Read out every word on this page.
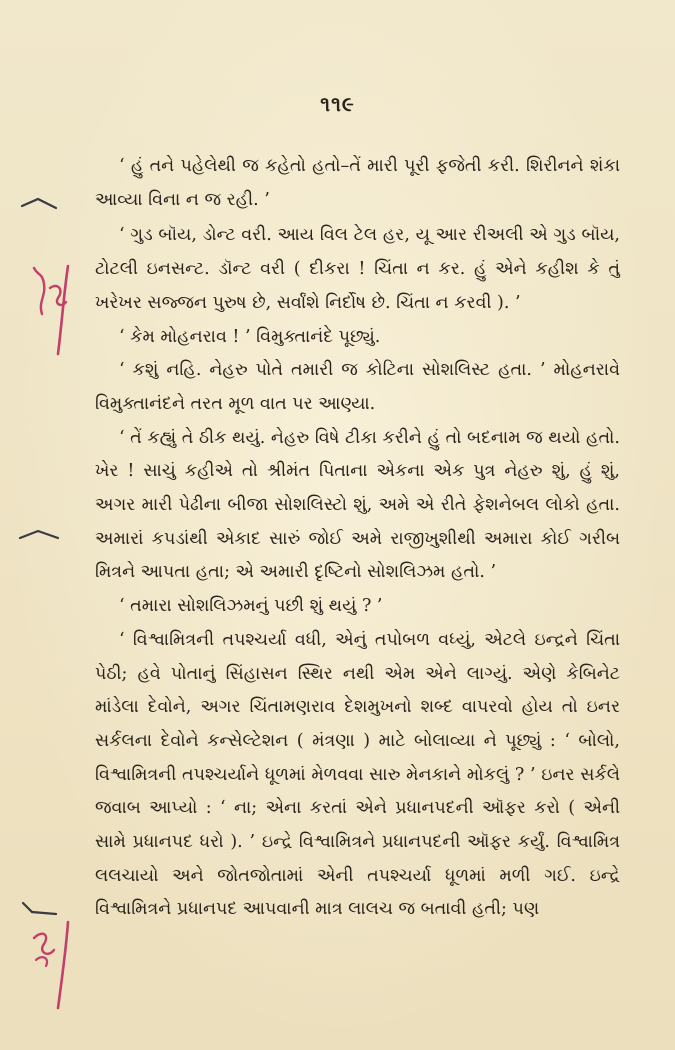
૧૧૯

‘ હું તને પહેલેથી જ કહેતો હતો–તેં મારી પૂરી ફજેતી કરી. શિરીનને શંકા આવ્યા વિના ન જ રહી. ’

‘ ગુડ બૉય, ડોન્ટ વરી. આય વિલ ટેલ હર, યૂ આર રીઅલી એ ગુડ બૉય, ટોટલી ઇનસન્ટ. ડૉન્ટ વરી ( દીકરા ! ચિંતા ન કર. હું એને કહીશ કે તું ખરેખર સજ્જન પુરુષ છે, સર્વાંશે નિર્દોષ છે. ચિંતા ન કરવી ). ’

‘ કેમ મોહનરાવ ! ’ વિમુક્તાનંદે પૂછ્યું.

‘ કશું નહિ. નેહરુ પોતે તમારી જ કોટિના સોશલિસ્ટ હતા. ’ મોહનરાવે વિમુક્તાનંદને તરત મૂળ વાત પર આણ્યા.

‘ તેં કહ્યું તે ઠીક થયું. નેહરુ વિષે ટીકા કરીને હું તો બદનામ જ થયો હતો. ખેર ! સાચું કહીએ તો શ્રીમંત પિતાના એકના એક પુત્ર નેહરુ શું, હું શું, અગર મારી પેઢીના બીજા સોશલિસ્ટો શું, અમે એ રીતે ફેશનેબલ લોકો હતા. અમારાં કપડાંથી એકાદ સારું જોઈ અમે રાજીખુશીથી અમારા કોઈ ગરીબ મિત્રને આપતા હતા; એ અમારી દૃષ્ટિનો સોશલિઝમ હતો. ’

‘ તમારા સોશલિઝમનું પછી શું થયું ? ’

‘ વિશ્વામિત્રની તપશ્ચર્યા વધી, એનું તપોબળ વધ્યું, એટલે ઇન્દ્રને ચિંતા પેઠી; હવે પોતાનું સિંહાસન સ્થિર નથી એમ એને લાગ્યું. એણે કેબિનેટ માંડેલા દેવોને, અગર ચિંતામણરાવ દેશમુખનો શબ્દ વાપરવો હોય તો ઇનર સર્કલના દેવોને કન્સેલ્ટેશન ( મંત્રણા ) માટે બોલાવ્યા ને પૂછ્યું : ‘ બોલો, વિશ્વામિત્રની તપશ્ચર્યાને ધૂળમાં મેળવવા સારુ મેનકાને મોકલું ? ’ ઇનર સર્કલે જવાબ આપ્યો : ‘ ના; એના કરતાં એને પ્રધાનપદની ઑફર કરો ( એની સામે પ્રધાનપદ ધરો ). ’ ઇન્દ્રે વિશ્વામિત્રને પ્રધાનપદની ઑફર કર્યું. વિશ્વામિત્ર લલચાયો અને જોતજોતામાં એની તપશ્ચર્યા ધૂળમાં મળી ગઈ. ઇન્દ્રે વિશ્વામિત્રને પ્રધાનપદ આપવાની માત્ર લાલચ જ બતાવી હતી; પણ
